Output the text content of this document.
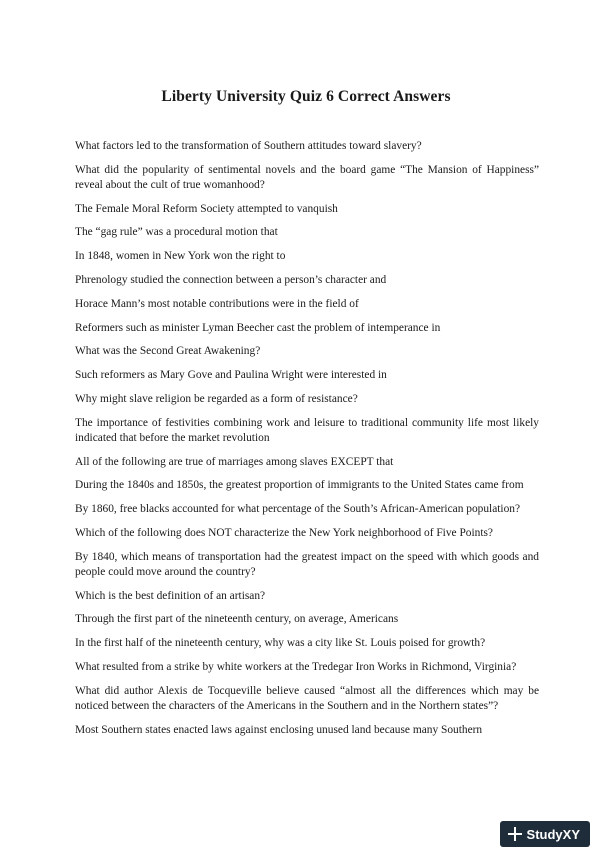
Liberty University Quiz 6 Correct Answers
What factors led to the transformation of Southern attitudes toward slavery?
What did the popularity of sentimental novels and the board game “The Mansion of Happiness” reveal about the cult of true womanhood?
The Female Moral Reform Society attempted to vanquish
The “gag rule” was a procedural motion that
In 1848, women in New York won the right to
Phrenology studied the connection between a person’s character and
Horace Mann’s most notable contributions were in the field of
Reformers such as minister Lyman Beecher cast the problem of intemperance in
What was the Second Great Awakening?
Such reformers as Mary Gove and Paulina Wright were interested in
Why might slave religion be regarded as a form of resistance?
The importance of festivities combining work and leisure to traditional community life most likely indicated that before the market revolution
All of the following are true of marriages among slaves EXCEPT that
During the 1840s and 1850s, the greatest proportion of immigrants to the United States came from
By 1860, free blacks accounted for what percentage of the South’s African-American population?
Which of the following does NOT characterize the New York neighborhood of Five Points?
By 1840, which means of transportation had the greatest impact on the speed with which goods and people could move around the country?
Which is the best definition of an artisan?
Through the first part of the nineteenth century, on average, Americans
In the first half of the nineteenth century, why was a city like St. Louis poised for growth?
What resulted from a strike by white workers at the Tredegar Iron Works in Richmond, Virginia?
What did author Alexis de Tocqueville believe caused “almost all the differences which may be noticed between the characters of the Americans in the Southern and in the Northern states”?
Most Southern states enacted laws against enclosing unused land because many Southern
StudyXY
